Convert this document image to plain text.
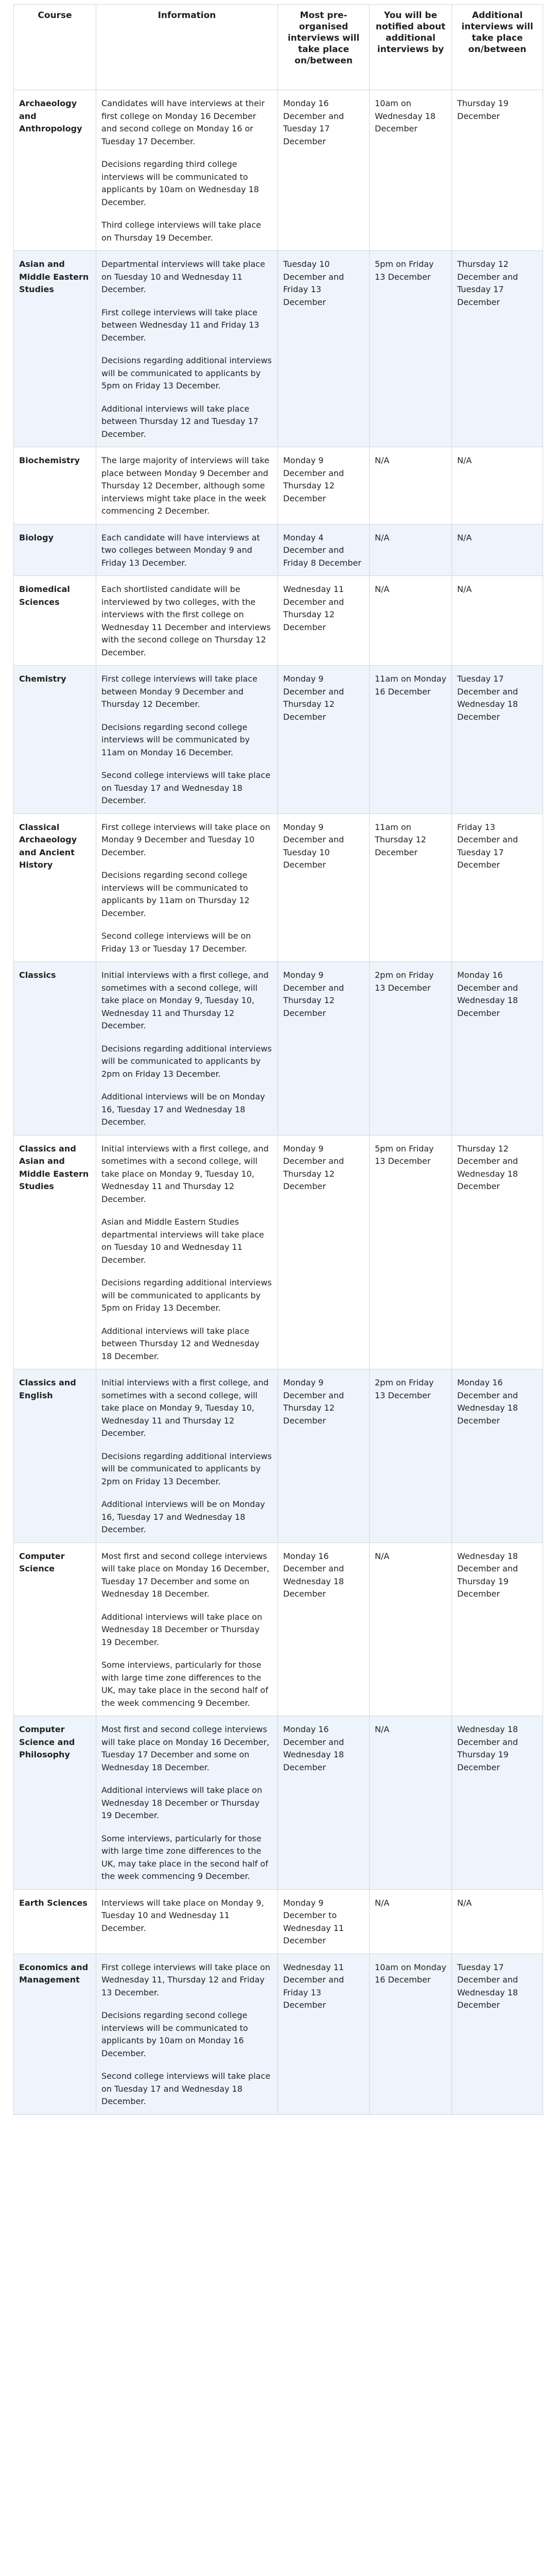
Course	Information	Most pre-organised interviews will take place on/between	You will be notified about additional interviews by	Additional interviews will take place on/between
Archaeology and Anthropology	Candidates will have interviews at their first college on Monday 16 December and second college on Monday 16 or Tuesday 17 December.

Decisions regarding third college interviews will be communicated to applicants by 10am on Wednesday 18 December.

Third college interviews will take place on Thursday 19 December.	Monday 16 December and Tuesday 17 December	10am on Wednesday 18 December	Thursday 19 December
Asian and Middle Eastern Studies	Departmental interviews will take place on Tuesday 10 and Wednesday 11 December.

First college interviews will take place between Wednesday 11 and Friday 13 December.

Decisions regarding additional interviews will be communicated to applicants by 5pm on Friday 13 December.

Additional interviews will take place between Thursday 12 and Tuesday 17 December.	Tuesday 10 December and Friday 13 December	5pm on Friday 13 December	Thursday 12 December and Tuesday 17 December
Biochemistry	The large majority of interviews will take place between Monday 9 December and Thursday 12 December, although some interviews might take place in the week commencing 2 December.	Monday 9 December and Thursday 12 December	N/A	N/A
Biology	Each candidate will have interviews at two colleges between Monday 9 and Friday 13 December.	Monday 4 December and Friday 8 December	N/A	N/A
Biomedical Sciences	Each shortlisted candidate will be interviewed by two colleges, with the interviews with the first college on Wednesday 11 December and interviews with the second college on Thursday 12 December.	Wednesday 11 December and Thursday 12 December	N/A	N/A
Chemistry	First college interviews will take place between Monday 9 December and Thursday 12 December.

Decisions regarding second college interviews will be communicated by 11am on Monday 16 December.

Second college interviews will take place on Tuesday 17 and Wednesday 18 December.	Monday 9 December and Thursday 12 December	11am on Monday 16 December	Tuesday 17 December and Wednesday 18 December
Classical Archaeology and Ancient History	First college interviews will take place on Monday 9 December and Tuesday 10 December.

Decisions regarding second college interviews will be communicated to applicants by 11am on Thursday 12 December.

Second college interviews will be on Friday 13 or Tuesday 17 December.	Monday 9 December and Tuesday 10 December	11am on Thursday 12 December	Friday 13 December and Tuesday 17 December
Classics	Initial interviews with a first college, and sometimes with a second college, will take place on Monday 9, Tuesday 10, Wednesday 11 and Thursday 12 December.

Decisions regarding additional interviews will be communicated to applicants by 2pm on Friday 13 December.

Additional interviews will be on Monday 16, Tuesday 17 and Wednesday 18 December.	Monday 9 December and Thursday 12 December	2pm on Friday 13 December	Monday 16 December and Wednesday 18 December
Classics and Asian and Middle Eastern Studies	Initial interviews with a first college, and sometimes with a second college, will take place on Monday 9, Tuesday 10, Wednesday 11 and Thursday 12 December.

Asian and Middle Eastern Studies departmental interviews will take place on Tuesday 10 and Wednesday 11 December.

Decisions regarding additional interviews will be communicated to applicants by 5pm on Friday 13 December.

Additional interviews will take place between Thursday 12 and Wednesday 18 December.	Monday 9 December and Thursday 12 December	5pm on Friday 13 December	Thursday 12 December and Wednesday 18 December
Classics and English	Initial interviews with a first college, and sometimes with a second college, will take place on Monday 9, Tuesday 10, Wednesday 11 and Thursday 12 December.

Decisions regarding additional interviews will be communicated to applicants by 2pm on Friday 13 December.

Additional interviews will be on Monday 16, Tuesday 17 and Wednesday 18 December.	Monday 9 December and Thursday 12 December	2pm on Friday 13 December	Monday 16 December and Wednesday 18 December
Computer Science	Most first and second college interviews will take place on Monday 16 December, Tuesday 17 December and some on Wednesday 18 December.

Additional interviews will take place on Wednesday 18 December or Thursday 19 December.

Some interviews, particularly for those with large time zone differences to the UK, may take place in the second half of the week commencing 9 December.	Monday 16 December and Wednesday 18 December	N/A	Wednesday 18 December and Thursday 19 December
Computer Science and Philosophy	Most first and second college interviews will take place on Monday 16 December, Tuesday 17 December and some on Wednesday 18 December.

Additional interviews will take place on Wednesday 18 December or Thursday 19 December.

Some interviews, particularly for those with large time zone differences to the UK, may take place in the second half of the week commencing 9 December.	Monday 16 December and Wednesday 18 December	N/A	Wednesday 18 December and Thursday 19 December
Earth Sciences	Interviews will take place on Monday 9, Tuesday 10 and Wednesday 11 December.	Monday 9 December to Wednesday 11 December	N/A	N/A
Economics and Management	First college interviews will take place on Wednesday 11, Thursday 12 and Friday 13 December.

Decisions regarding second college interviews will be communicated to applicants by 10am on Monday 16 December.

Second college interviews will take place on Tuesday 17 and Wednesday 18 December.	Wednesday 11 December and Friday 13 December	10am on Monday 16 December	Tuesday 17 December and Wednesday 18 December
